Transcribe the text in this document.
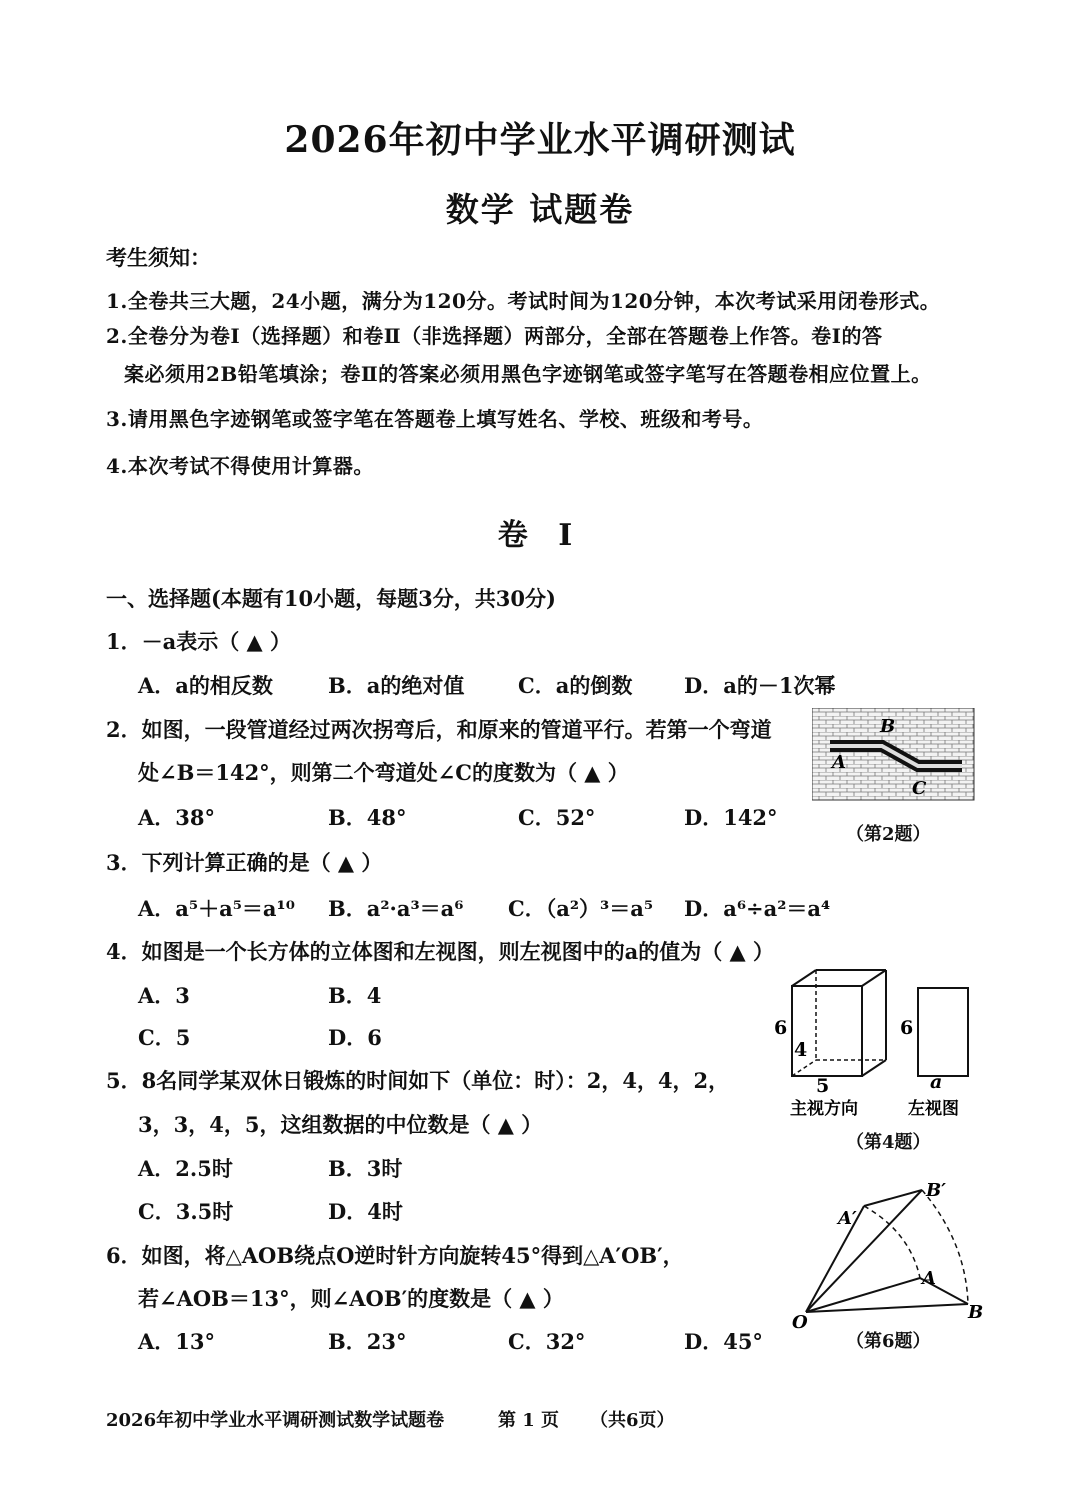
2026年初中学业水平调研测试
数学 试题卷
考生须知：
1.全卷共三大题，24小题，满分为120分。考试时间为120分钟，本次考试采用闭卷形式。
2.全卷分为卷Ⅰ（选择题）和卷Ⅱ（非选择题）两部分，全部在答题卷上作答。卷Ⅰ的答
案必须用2B铅笔填涂；卷Ⅱ的答案必须用黑色字迹钢笔或签字笔写在答题卷相应位置上。
3.请用黑色字迹钢笔或签字笔在答题卷上填写姓名、学校、班级和考号。
4.本次考试不得使用计算器。
卷 Ⅰ
一、选择题(本题有10小题，每题3分，共30分)
1．－a表示（ ▲ ）
A．a的相反数	B．a的绝对值	C．a的倒数 D．a的－1次幂
2．如图，一段管道经过两次拐弯后，和原来的管道平行。若第一个弯道
处∠B＝142°，则第二个弯道处∠C的度数为（ ▲ ）
A．38°	B．48°	C．52°	D．142°
A
B
C
（第2题）
3．下列计算正确的是（ ▲ ）
A．a⁵＋a⁵＝a¹⁰ B．a²·a³＝a⁶ C．（a²）³＝a⁵ D．a⁶÷a²＝a⁴
4．如图是一个长方体的立体图和左视图，则左视图中的a的值为（ ▲ ）
A．3	B．4
C．5	D．6	6
4
5
6
a
主视方向	左视图
（第4题）
5．8名同学某双休日锻炼的时间如下（单位：时）：2，4，4，2，
3，3，4，5，这组数据的中位数是（ ▲ ）
A．2.5时	B．3时
C．3.5时	D．4时
6．如图，将△AOB绕点O逆时针方向旋转45°得到△A′OB′，
若∠AOB＝13°，则∠AOB′的度数是（ ▲ ）
A．13°	B．23°	C．32°	D．45°
O
A
B
A′
B′
（第6题）
2026年初中学业水平调研测试数学试题卷	第 1 页 （共6页）
